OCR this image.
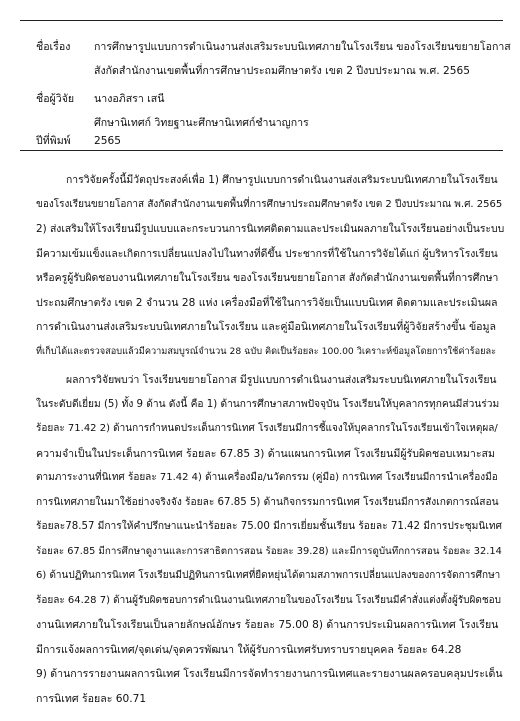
ชื่อเรื่อง การศึกษารูปแบบการดำเนินงานส่งเสริมระบบนิเทศภายในโรงเรียน ของโรงเรียนขยายโอกาส
สังกัดสำนักงานเขตพื้นที่การศึกษาประถมศึกษาตรัง เขต 2 ปีงบประมาณ พ.ศ. 2565
ชื่อผู้วิจัย นางอภิสรา เสนี
ศึกษานิเทศก์ วิทยฐานะศึกษานิเทศก์ชำนาญการ
ปีที่พิมพ์ 2565
การวิจัยครั้งนี้มีวัตถุประสงค์เพื่อ 1) ศึกษารูปแบบการดำเนินงานส่งเสริมระบบนิเทศภายในโรงเรียน
ของโรงเรียนขยายโอกาส สังกัดสำนักงานเขตพื้นที่การศึกษาประถมศึกษาตรัง เขต 2 ปีงบประมาณ พ.ศ. 2565
2) ส่งเสริมให้โรงเรียนมีรูปแบบและกระบวนการนิเทศติดตามและประเมินผลภายในโรงเรียนอย่างเป็นระบบ
มีความเข้มแข็งและเกิดการเปลี่ยนแปลงไปในทางที่ดีขึ้น ประชากรที่ใช้ในการวิจัยได้แก่ ผู้บริหารโรงเรียน
หรือครูผู้รับผิดชอบงานนิเทศภายในโรงเรียน ของโรงเรียนขยายโอกาส สังกัดสำนักงานเขตพื้นที่การศึกษา
ประถมศึกษาตรัง เขต 2 จำนวน 28 แห่ง เครื่องมือที่ใช้ในการวิจัยเป็นแบบนิเทศ ติดตามและประเมินผล
การดำเนินงานส่งเสริมระบบนิเทศภายในโรงเรียน และคู่มือนิเทศภายในโรงเรียนที่ผู้วิจัยสร้างขึ้น ข้อมูล
ที่เก็บได้และตรวจสอบแล้วมีความสมบูรณ์จำนวน 28 ฉบับ คิดเป็นร้อยละ 100.00 วิเคราะห์ข้อมูลโดยการใช้ค่าร้อยละ
ผลการวิจัยพบว่า โรงเรียนขยายโอกาส มีรูปแบบการดำเนินงานส่งเสริมระบบนิเทศภายในโรงเรียน
ในระดับดีเยี่ยม (5) ทั้ง 9 ด้าน ดังนี้ คือ 1) ด้านการศึกษาสภาพปัจจุบัน โรงเรียนให้บุคลากรทุกคนมีส่วนร่วม
ร้อยละ 71.42 2) ด้านการกำหนดประเด็นการนิเทศ โรงเรียนมีการชี้แจงให้บุคลากรในโรงเรียนเข้าใจเหตุผล/
ความจำเป็นในประเด็นการนิเทศ ร้อยละ 67.85 3) ด้านแผนการนิเทศ โรงเรียนมีผู้รับผิดชอบเหมาะสม
ตามภาระงานที่นิเทศ ร้อยละ 71.42 4) ด้านเครื่องมือ/นวัตกรรม (คู่มือ) การนิเทศ โรงเรียนมีการนำเครื่องมือ
การนิเทศภายในมาใช้อย่างจริงจัง ร้อยละ 67.85 5) ด้านกิจกรรมการนิเทศ โรงเรียนมีการสังเกตการณ์สอน
ร้อยละ78.57 มีการให้คำปรึกษาแนะนำร้อยละ 75.00 มีการเยี่ยมชั้นเรียน ร้อยละ 71.42 มีการประชุมนิเทศ
ร้อยละ 67.85 มีการศึกษาดูงานและการสาธิตการสอน ร้อยละ 39.28) และมีการดูบันทึกการสอน ร้อยละ 32.14
6) ด้านปฏิทินการนิเทศ โรงเรียนมีปฏิทินการนิเทศที่ยืดหยุ่นได้ตามสภาพการเปลี่ยนแปลงของการจัดการศึกษา
ร้อยละ 64.28 7) ด้านผู้รับผิดชอบการดำเนินงานนิเทศภายในของโรงเรียน โรงเรียนมีคำสั่งแต่งตั้งผู้รับผิดชอบ
งานนิเทศภายในโรงเรียนเป็นลายลักษณ์อักษร ร้อยละ 75.00 8) ด้านการประเมินผลการนิเทศ โรงเรียน
มีการแจ้งผลการนิเทศ/จุดเด่น/จุดควรพัฒนา ให้ผู้รับการนิเทศรับทราบรายบุคคล ร้อยละ 64.28
9) ด้านการรายงานผลการนิเทศ โรงเรียนมีการจัดทำรายงานการนิเทศและรายงานผลครอบคลุมประเด็น
การนิเทศ ร้อยละ 60.71
